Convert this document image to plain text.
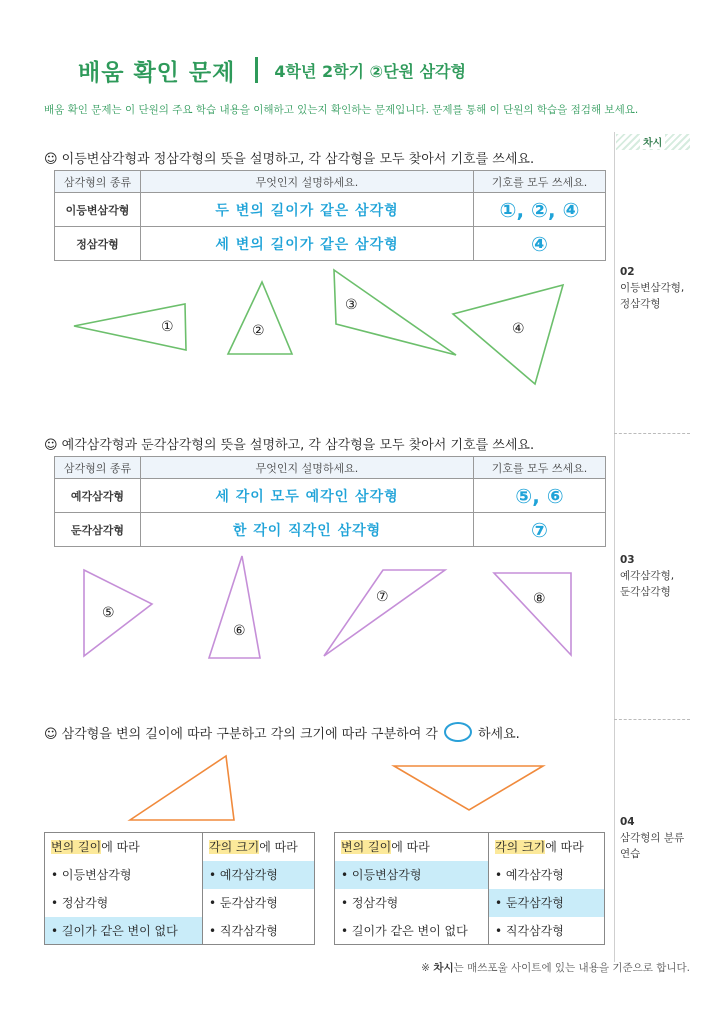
배움 확인 문제 4학년 2학기 ②단원 삼각형
배움 확인 문제는 이 단원의 주요 학습 내용을 이해하고 있는지 확인하는 문제입니다. 문제를 통해 이 단원의 학습을 점검해 보세요.
차시
02
이등변삼각형,
정삼각형
03
예각삼각형,
둔각삼각형
04
삼각형의 분류
연습
☺ 이등변삼각형과 정삼각형의 뜻을 설명하고, 각 삼각형을 모두 찾아서 기호를 쓰세요.
삼각형의 종류	무엇인지 설명하세요.	기호를 모두 쓰세요.
이등변삼각형	두 변의 길이가 같은 삼각형	①, ②, ④
정삼각형	세 변의 길이가 같은 삼각형	④
☺ 예각삼각형과 둔각삼각형의 뜻을 설명하고, 각 삼각형을 모두 찾아서 기호를 쓰세요.
삼각형의 종류	무엇인지 설명하세요.	기호를 모두 쓰세요.
예각삼각형	세 각이 모두 예각인 삼각형	⑤, ⑥
둔각삼각형	한 각이 직각인 삼각형	⑦
☺ 삼각형을 변의 길이에 따라 구분하고 각의 크기에 따라 구분하여 각	하세요.
①	②
③
④
⑤
⑥
⑦	⑧
변의 길이에 따라	각의 크기에 따라
• 이등변삼각형	• 예각삼각형
• 정삼각형	• 둔각삼각형
• 길이가 같은 변이 없다	• 직각삼각형
변의 길이에 따라	각의 크기에 따라
• 이등변삼각형	• 예각삼각형
• 정삼각형	• 둔각삼각형
• 길이가 같은 변이 없다	• 직각삼각형
※ 차시는 매쓰포울 사이트에 있는 내용을 기준으로 합니다.
